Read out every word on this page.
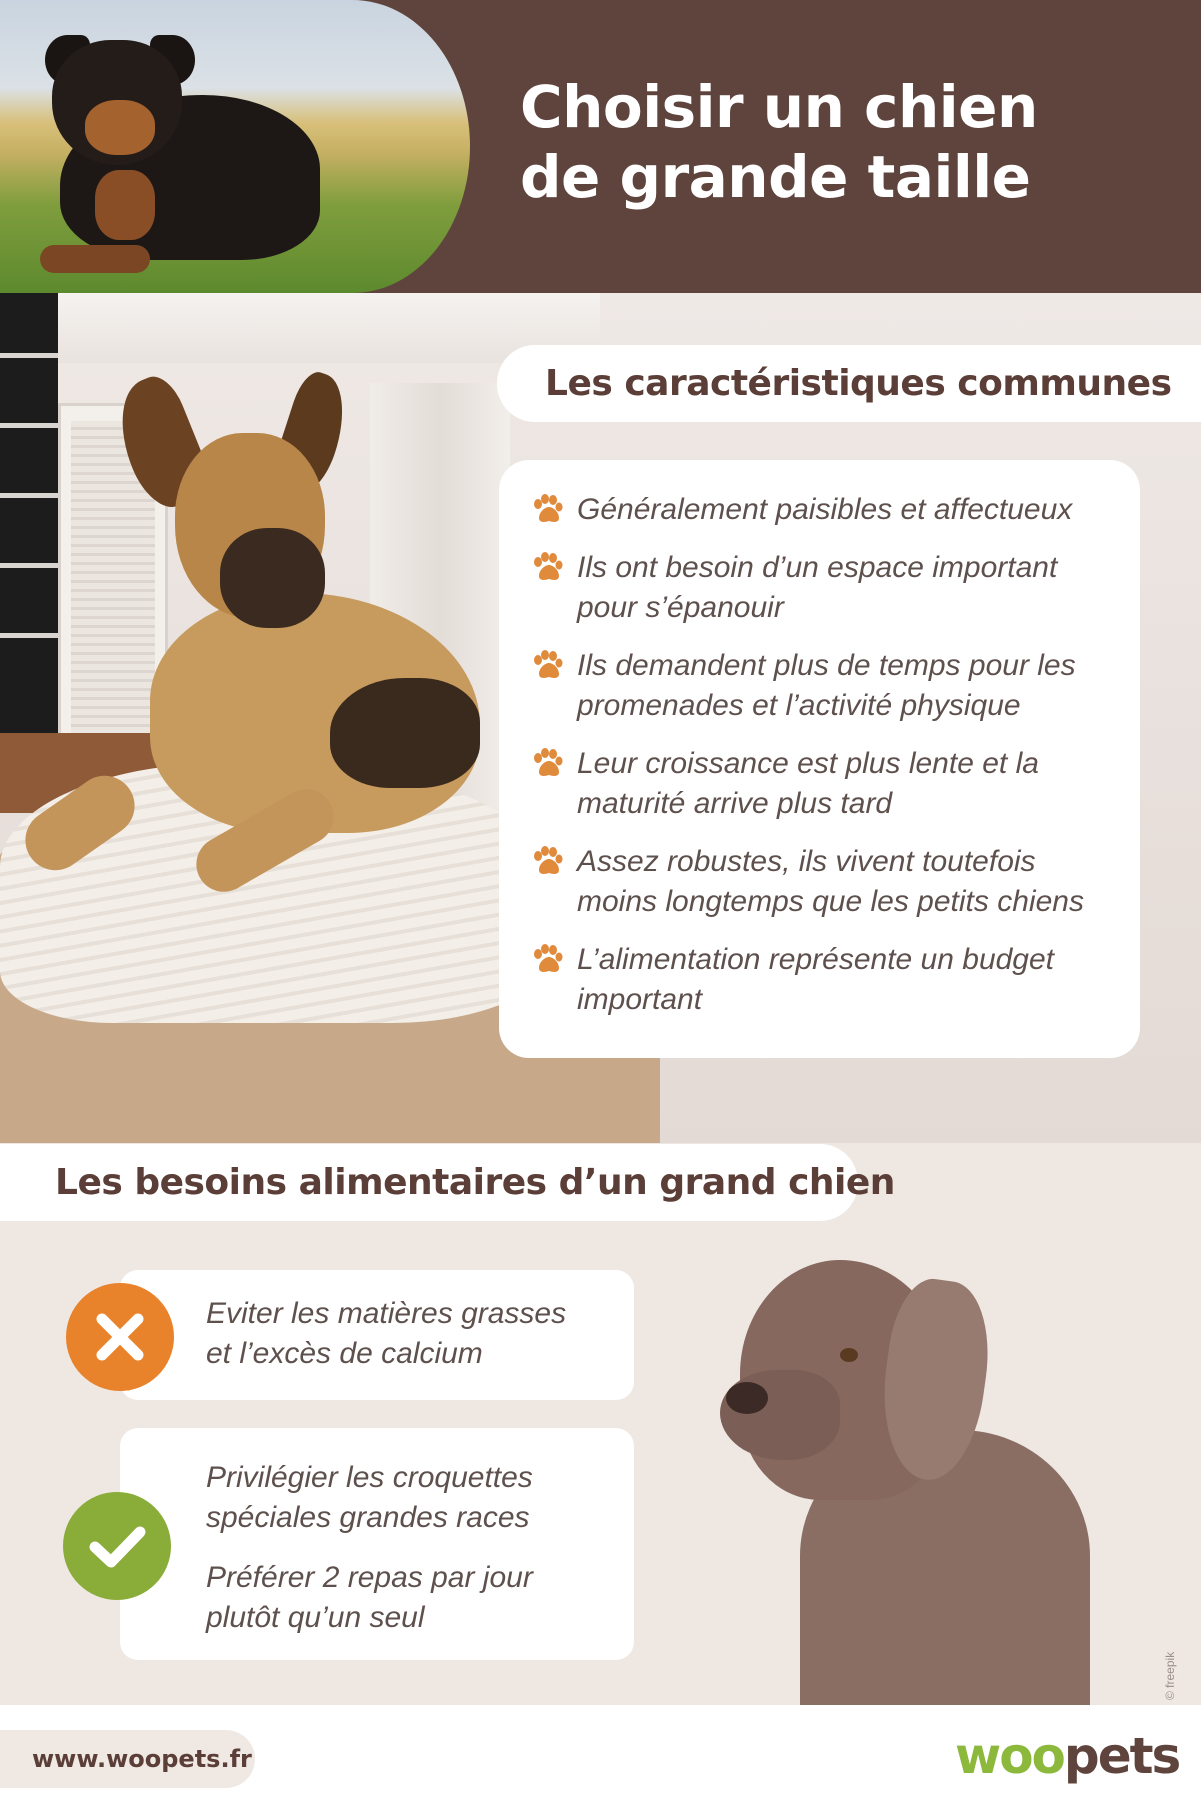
Choisir un chien
de grande taille
Les caractéristiques communes
Généralement paisibles et affectueux
Ils ont besoin d’un espace important
pour s’épanouir
Ils demandent plus de temps pour les
promenades et l’activité physique
Leur croissance est plus lente et la
maturité arrive plus tard
Assez robustes, ils vivent toutefois
moins longtemps que les petits chiens
L’alimentation représente un budget
important
Les besoins alimentaires d’un grand chien
Eviter les matières grasses
et l’excès de calcium
Privilégier les croquettes
spéciales grandes races
Préférer 2 repas par jour
plutôt qu’un seul
© freepik
www.woopets.fr	woopets
